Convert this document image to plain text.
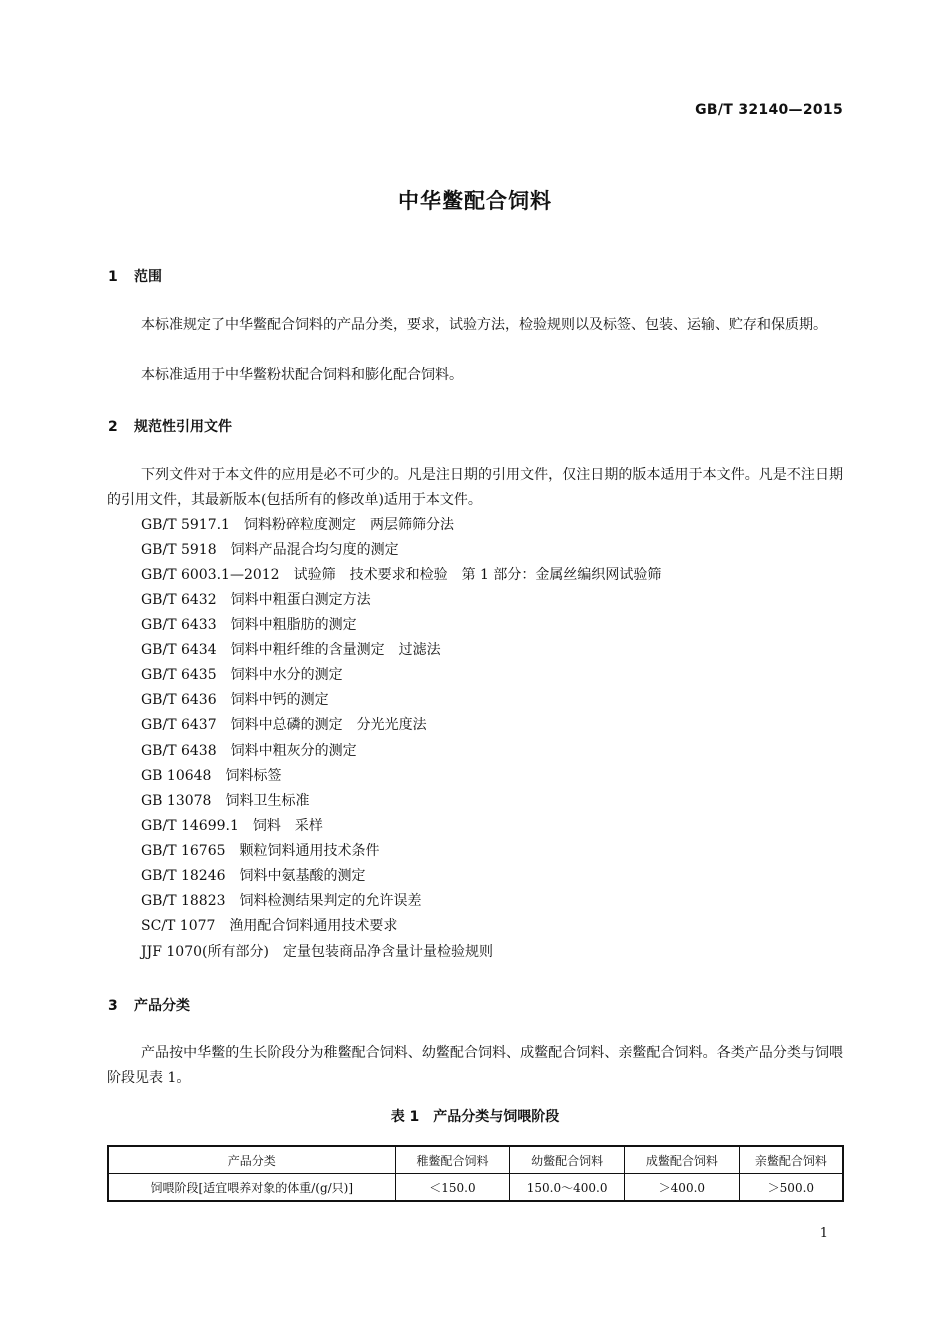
GB/T 32140—2015
中华鳖配合饲料
1 范围
本标准规定了中华鳖配合饲料的产品分类，要求，试验方法，检验规则以及标签、包装、运输、贮存和保质期。
本标准适用于中华鳖粉状配合饲料和膨化配合饲料。
2 规范性引用文件
下列文件对于本文件的应用是必不可少的。凡是注日期的引用文件，仅注日期的版本适用于本文件。凡是不注日期的引用文件，其最新版本(包括所有的修改单)适用于本文件。
GB/T 5917.1　饲料粉碎粒度测定　两层筛筛分法
GB/T 5918　饲料产品混合均匀度的测定
GB/T 6003.1—2012　试验筛　技术要求和检验　第 1 部分：金属丝编织网试验筛
GB/T 6432　饲料中粗蛋白测定方法
GB/T 6433　饲料中粗脂肪的测定
GB/T 6434　饲料中粗纤维的含量测定　过滤法
GB/T 6435　饲料中水分的测定
GB/T 6436　饲料中钙的测定
GB/T 6437　饲料中总磷的测定　分光光度法
GB/T 6438　饲料中粗灰分的测定
GB 10648　饲料标签
GB 13078　饲料卫生标准
GB/T 14699.1　饲料　采样
GB/T 16765　颗粒饲料通用技术条件
GB/T 18246　饲料中氨基酸的测定
GB/T 18823　饲料检测结果判定的允许误差
SC/T 1077　渔用配合饲料通用技术要求
JJF 1070(所有部分)　定量包装商品净含量计量检验规则
3 产品分类
产品按中华鳖的生长阶段分为稚鳖配合饲料、幼鳖配合饲料、成鳖配合饲料、亲鳖配合饲料。各类产品分类与饲喂阶段见表 1。
表 1　产品分类与饲喂阶段
产品分类	稚鳖配合饲料	幼鳖配合饲料	成鳖配合饲料	亲鳖配合饲料
饲喂阶段[适宜喂养对象的体重/(g/只)]	＜150.0	150.0～400.0	＞400.0	＞500.0
1
